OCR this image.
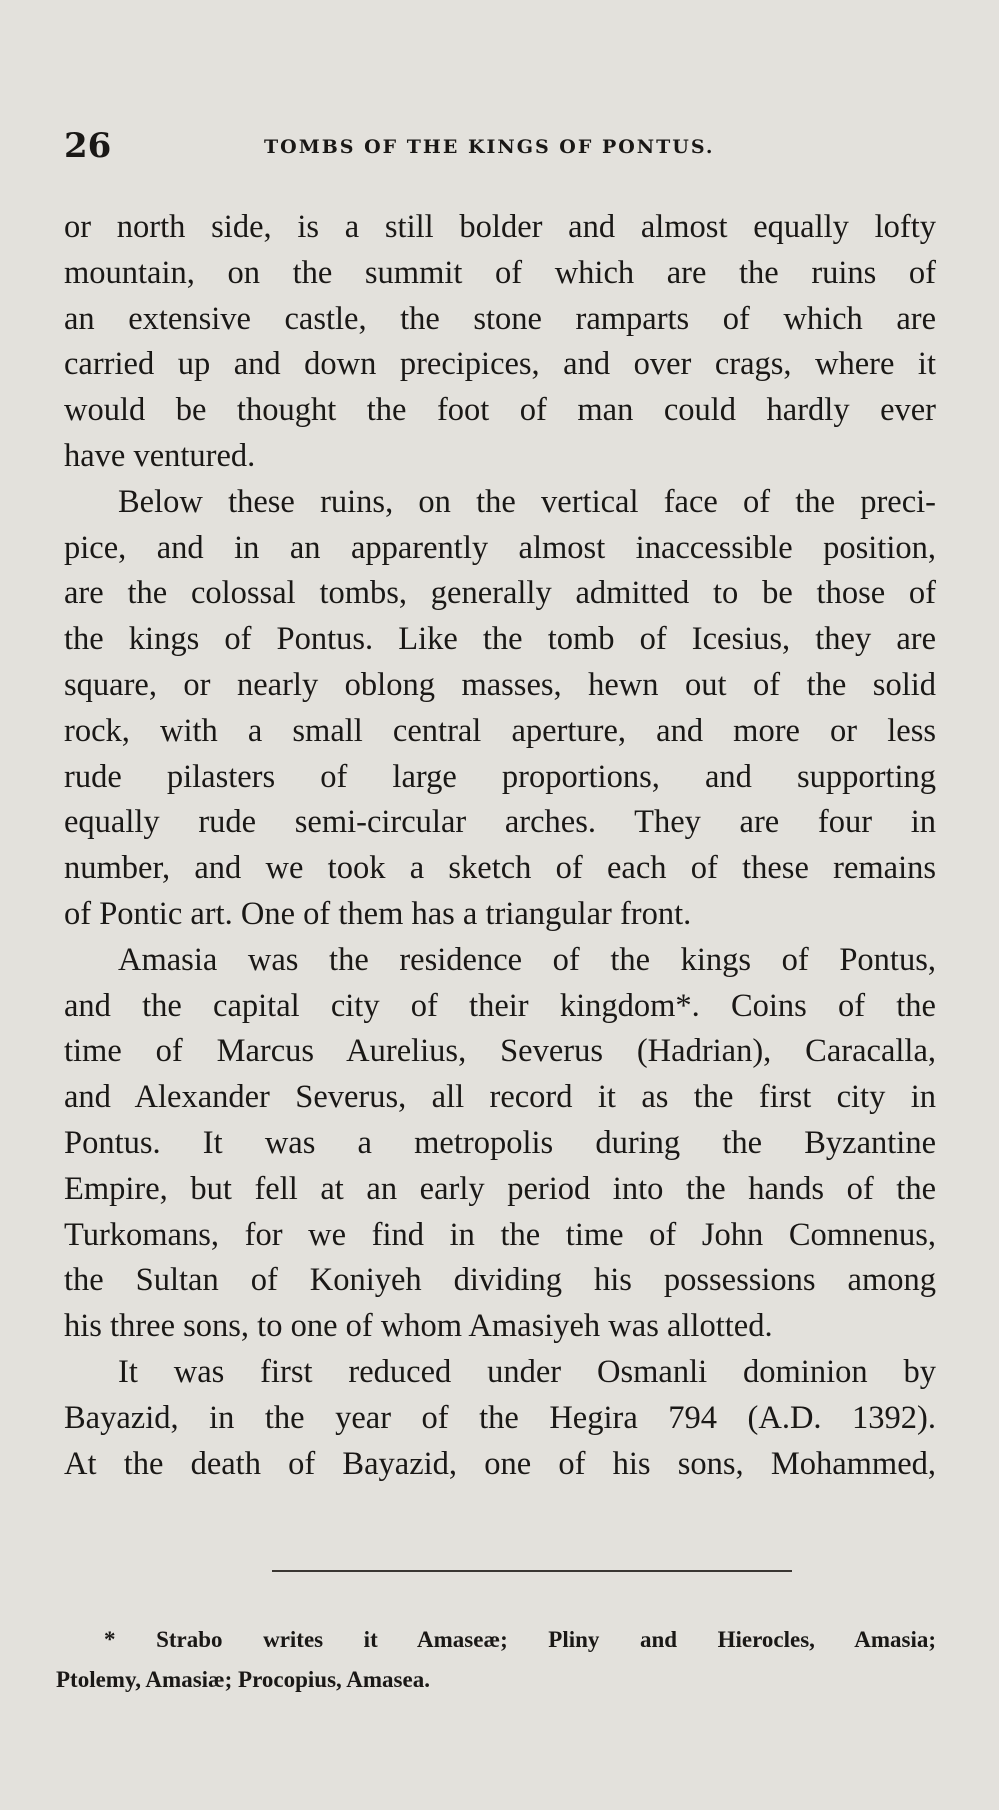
26	TOMBS OF THE KINGS OF PONTUS.
or north side, is a still bolder and almost equally lofty
mountain, on the summit of which are the ruins of
an extensive castle, the stone ramparts of which are
carried up and down precipices, and over crags, where it
would be thought the foot of man could hardly ever
have ventured.
Below these ruins, on the vertical face of the preci-
pice, and in an apparently almost inaccessible position,
are the colossal tombs, generally admitted to be those of
the kings of Pontus. Like the tomb of Icesius, they are
square, or nearly oblong masses, hewn out of the solid
rock, with a small central aperture, and more or less
rude pilasters of large proportions, and supporting
equally rude semi-circular arches. They are four in
number, and we took a sketch of each of these remains
of Pontic art. One of them has a triangular front.
Amasia was the residence of the kings of Pontus,
and the capital city of their kingdom*. Coins of the
time of Marcus Aurelius, Severus (Hadrian), Caracalla,
and Alexander Severus, all record it as the first city in
Pontus. It was a metropolis during the Byzantine
Empire, but fell at an early period into the hands of the
Turkomans, for we find in the time of John Comnenus,
the Sultan of Koniyeh dividing his possessions among
his three sons, to one of whom Amasiyeh was allotted.
It was first reduced under Osmanli dominion by
Bayazid, in the year of the Hegira 794 (A.D. 1392).
At the death of Bayazid, one of his sons, Mohammed,
* Strabo writes it Amaseæ; Pliny and Hierocles, Amasia;
Ptolemy, Amasiæ; Procopius, Amasea.
